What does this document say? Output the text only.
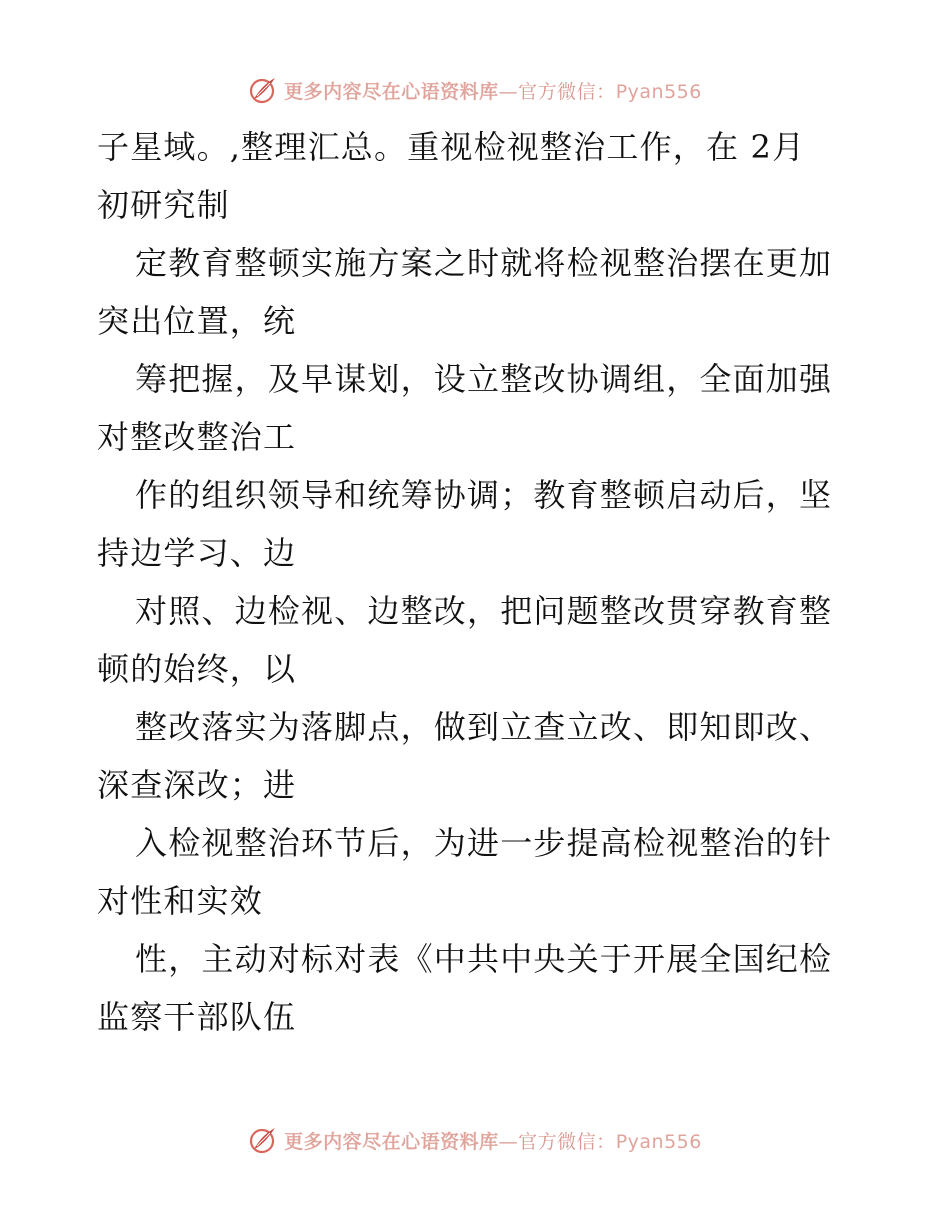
更多内容尽在心语资料库—官方微信：Pyan556
子星域。,整理汇总。重视检视整治工作，在 2月
初研究制
定教育整顿实施方案之时就将检视整治摆在更加
突出位置，统
筹把握，及早谋划，设立整改协调组，全面加强
对整改整治工
作的组织领导和统筹协调；教育整顿启动后，坚
持边学习、边
对照、边检视、边整改，把问题整改贯穿教育整
顿的始终，以
整改落实为落脚点，做到立查立改、即知即改、
深查深改；进
入检视整治环节后，为进一步提高检视整治的针
对性和实效
性，主动对标对表《中共中央关于开展全国纪检
监察干部队伍
更多内容尽在心语资料库—官方微信：Pyan556
